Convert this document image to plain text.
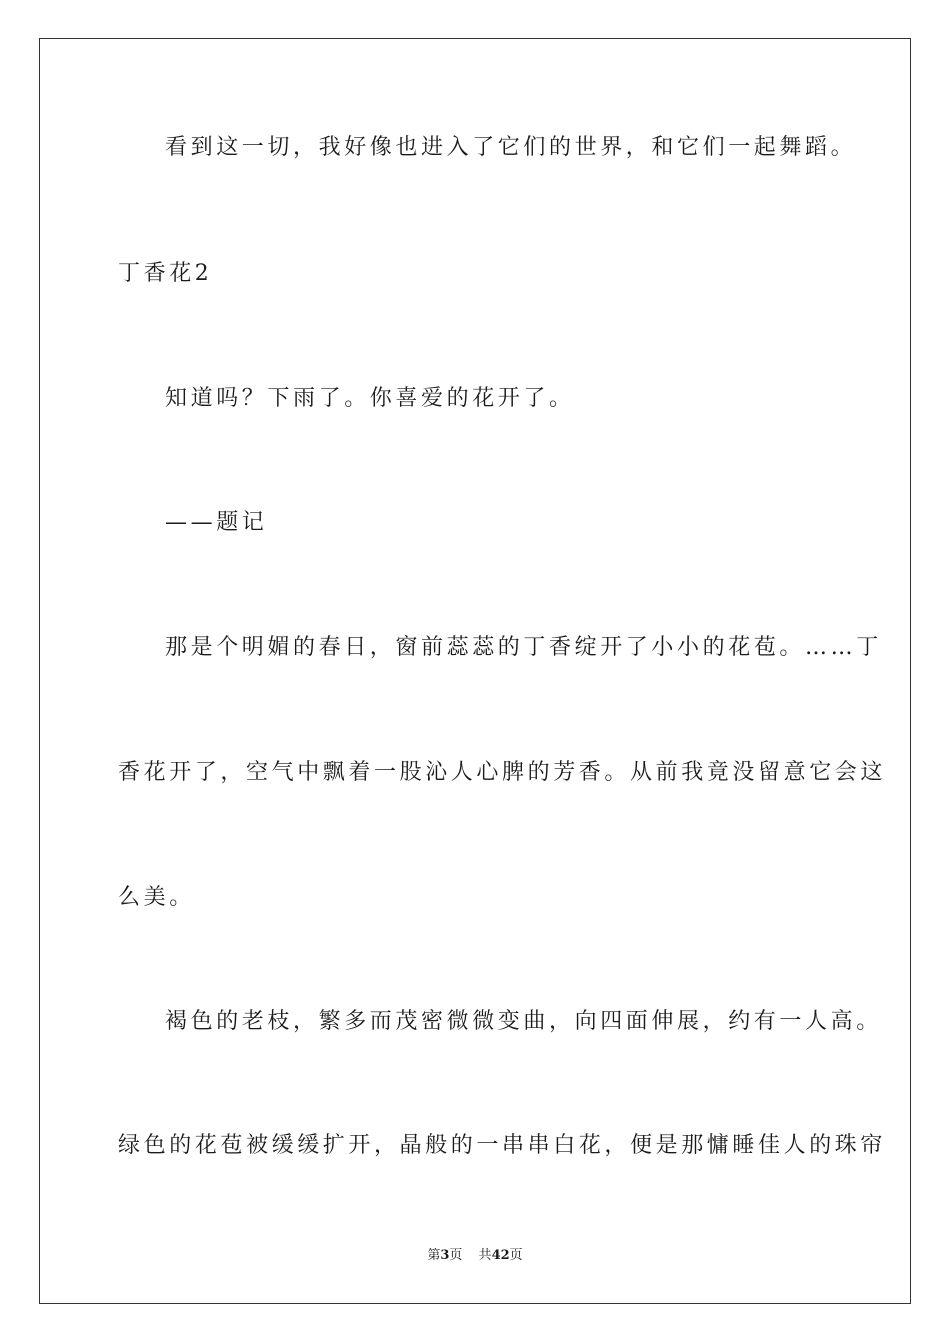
看到这一切，我好像也进入了它们的世界，和它们一起舞蹈。
丁香花2
知道吗？下雨了。你喜爱的花开了。
——题记
那是个明媚的春日，窗前蕊蕊的丁香绽开了小小的花苞。……丁
香花开了，空气中飘着一股沁人心脾的芳香。从前我竟没留意它会这
么美。
褐色的老枝，繁多而茂密微微变曲，向四面伸展，约有一人高。
绿色的花苞被缓缓扩开，晶般的一串串白花，便是那慵睡佳人的珠帘
第3页 共42页
